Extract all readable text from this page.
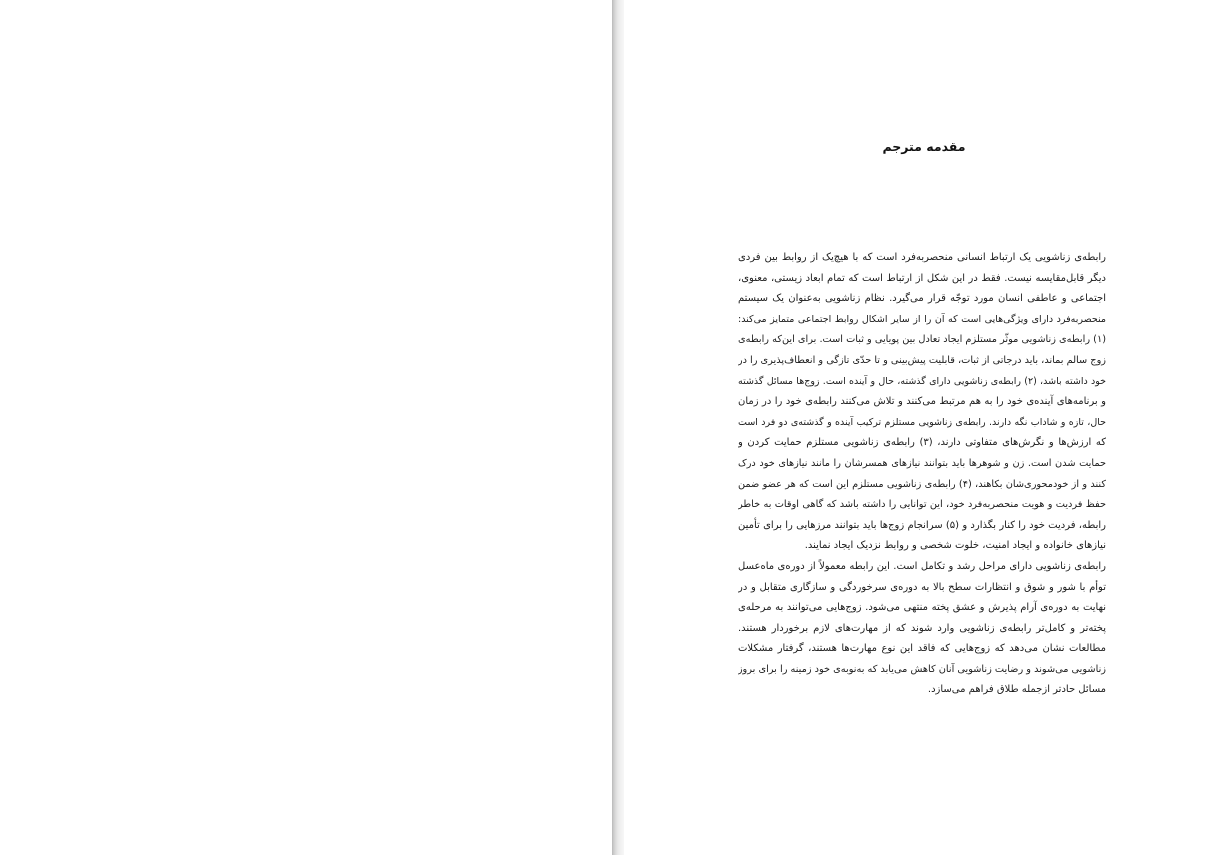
مقدمه مترجم
رابطه‌ی زناشویی یک ارتباط انسانی منحصربه‌فرد است که با هیچ‌یک از روابط بین فردی
دیگر قابل‌مقایسه نیست. فقط در این شکل از ارتباط است که تمام ابعاد زیستی، معنوی،
اجتماعی و عاطفی انسان مورد توجّه قرار می‌گیرد. نظام زناشویی به‌عنوان یک سیستم
منحصربه‌فرد دارای ویژگی‌هایی است که آن را از سایر اشکال روابط اجتماعی متمایز می‌کند:
(۱) رابطه‌ی زناشویی موثّر مستلزم ایجاد تعادل بین پویایی و ثبات است. برای این‌که رابطه‌ی
زوج سالم بماند، باید درجاتی از ثبات، قابلیت پیش‌بینی و تا حدّی تازگی و انعطاف‌پذیری را در
خود داشته باشد، (۲) رابطه‌ی زناشویی دارای گذشته، حال و آینده است. زوج‌ها مسائل گذشته
و برنامه‌های آینده‌ی خود را به هم مرتبط می‌کنند و تلاش می‌کنند رابطه‌ی خود را در زمان
حال، تازه و شاداب نگه دارند. رابطه‌ی زناشویی مستلزم ترکیب آینده و گذشته‌ی دو فرد است
که ارزش‌ها و نگرش‌های متفاوتی دارند، (۳) رابطه‌ی زناشویی مستلزم حمایت کردن و
حمایت شدن است. زن و شوهرها باید بتوانند نیازهای همسرشان را مانند نیازهای خود درک
کنند و از خودمحوری‌شان بکاهند، (۴) رابطه‌ی زناشویی مستلزم این است که هر عضو ضمن
حفظ فردیت و هویت منحصربه‌فرد خود، این توانایی را داشته باشد که گاهی اوقات به خاطر
رابطه، فردیت خود را کنار بگذارد و (۵) سرانجام زوج‌ها باید بتوانند مرزهایی را برای تأمین
نیازهای خانواده و ایجاد امنیت، خلوت شخصی و روابط نزدیک ایجاد نمایند.
رابطه‌ی زناشویی دارای مراحل رشد و تکامل است. این رابطه معمولاً از دوره‌ی ماه‌عسل
توأم با شور و شوق و انتظارات سطح بالا به دوره‌ی سرخوردگی و سازگاری متقابل و در
نهایت به دوره‌ی آرام پذیرش و عشق پخته منتهی می‌شود. زوج‌هایی می‌توانند به مرحله‌ی
پخته‌تر و کامل‌تر رابطه‌ی زناشویی وارد شوند که از مهارت‌های لازم برخوردار هستند.
مطالعات نشان می‌دهد که زوج‌هایی که فاقد این نوع مهارت‌ها هستند، گرفتار مشکلات
زناشویی می‌شوند و رضایت زناشویی آنان کاهش می‌یابد که به‌نوبه‌ی خود زمینه را برای بروز
مسائل حادتر ازجمله طلاق فراهم می‌سازد.
